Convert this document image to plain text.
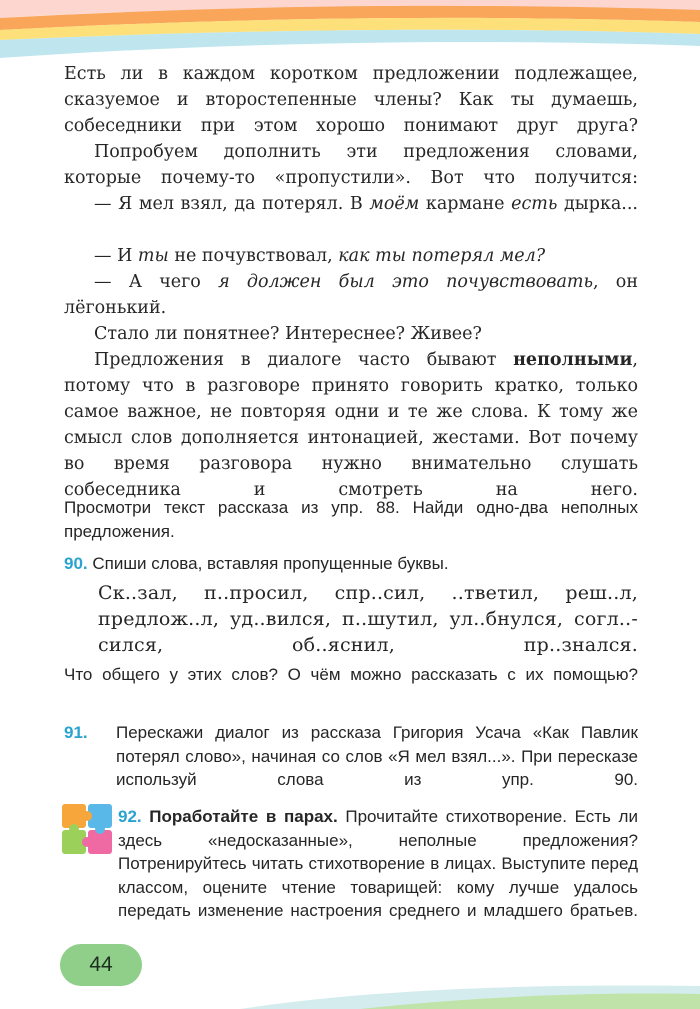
Есть ли в каждом коротком предложении подлежащее, сказуемое и второстепенные члены? Как ты думаешь, собеседники при этом хорошо понимают друг друга?

Попробуем дополнить эти предложения словами, которые почему-то «пропустили». Вот что получится:

— Я мел взял, да потерял. В моём кармане есть дырка...

— И ты не почувствовал, как ты потерял мел?

— А чего я должен был это почувствовать, он лёгонький.

Стало ли понятнее? Интереснее? Живее?

Предложения в диалоге часто бывают неполными, потому что в разговоре принято говорить кратко, только самое важное, не повторяя одни и те же слова. К тому же смысл слов дополняется интонацией, жестами. Вот почему во время разговора нужно внимательно слушать собеседника и смотреть на него.

Просмотри текст рассказа из упр. 88. Найди одно-два неполных предложения.

90. Спиши слова, вставляя пропущенные буквы.

Ск..зал, п..просил, спр..сил, ..тветил, реш..л, предлож..л, уд..вился, п..шутил, ул..бнулся, согл..-сился, об..яснил, пр..знался.

Что общего у этих слов? О чём можно рассказать с их помощью?

91.	Перескажи диалог из рассказа Григория Усача «Как Павлик потерял слово», начиная со слов «Я мел взял...». При пересказе используй слова из упр. 90.

92. Поработайте в парах. Прочитайте стихотворение. Есть ли здесь «недосказанные», неполные предложения? Потренируйтесь читать стихотворение в лицах. Выступите перед классом, оцените чтение товарищей: кому лучше удалось передать изменение настроения среднего и младшего братьев.

44
